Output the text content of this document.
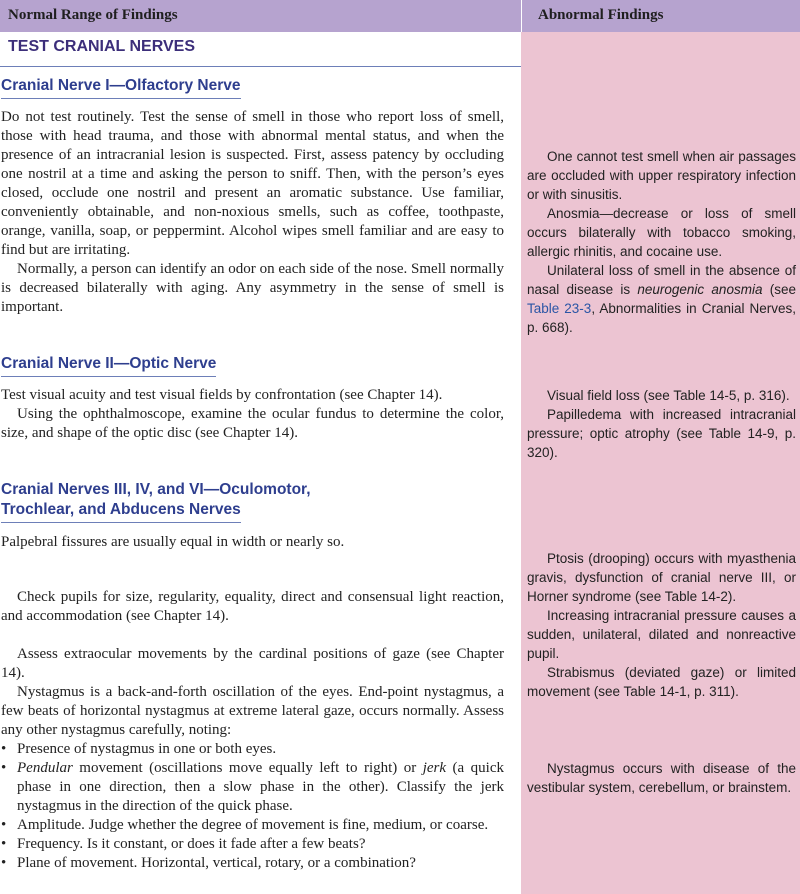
Normal Range of Findings	Abnormal Findings
TEST CRANIAL NERVES
Cranial Nerve I—Olfactory Nerve

Do not test routinely. Test the sense of smell in those who report loss of smell, those with head trauma, and those with abnormal mental status, and when the presence of an intracranial lesion is suspected. First, assess patency by occluding one nostril at a time and asking the person to sniff. Then, with the person’s eyes closed, occlude one nostril and present an aromatic substance. Use familiar, conveniently obtainable, and non-noxious smells, such as coffee, toothpaste, orange, vanilla, soap, or peppermint. Alcohol wipes smell familiar and are easy to find but are irritating.

Normally, a person can identify an odor on each side of the nose. Smell normally is decreased bilaterally with aging. Any asymmetry in the sense of smell is important.

One cannot test smell when air passages are occluded with upper respiratory infection or with sinusitis.

Anosmia—decrease or loss of smell occurs bilaterally with tobacco smoking, allergic rhinitis, and cocaine use.

Unilateral loss of smell in the absence of nasal disease is neurogenic anosmia (see Table 23-3, Abnormalities in Cranial Nerves, p. 668).

Cranial Nerve II—Optic Nerve

Test visual acuity and test visual fields by confrontation (see Chapter 14).

Using the ophthalmoscope, examine the ocular fundus to determine the color, size, and shape of the optic disc (see Chapter 14).

Visual field loss (see Table 14-5, p. 316).

Papilledema with increased intracranial pressure; optic atrophy (see Table 14-9, p. 320).

Cranial Nerves III, IV, and VI—Oculomotor,
Trochlear, and Abducens Nerves

Palpebral fissures are usually equal in width or nearly so.

Check pupils for size, regularity, equality, direct and consensual light reaction, and accommodation (see Chapter 14).

Assess extraocular movements by the cardinal positions of gaze (see Chapter 14).

Nystagmus is a back-and-forth oscillation of the eyes. End-point nystagmus, a few beats of horizontal nystagmus at extreme lateral gaze, occurs normally. Assess any other nystagmus carefully, noting:

• Presence of nystagmus in one or both eyes.
• Pendular movement (oscillations move equally left to right) or jerk (a quick phase in one direction, then a slow phase in the other). Classify the jerk nystagmus in the direction of the quick phase.
• Amplitude. Judge whether the degree of movement is fine, medium, or coarse.
• Frequency. Is it constant, or does it fade after a few beats?
• Plane of movement. Horizontal, vertical, rotary, or a combination?

Ptosis (drooping) occurs with myasthenia gravis, dysfunction of cranial nerve III, or Horner syndrome (see Table 14-2).

Increasing intracranial pressure causes a sudden, unilateral, dilated and nonreactive pupil.

Strabismus (deviated gaze) or limited movement (see Table 14-1, p. 311).

Nystagmus occurs with disease of the vestibular system, cerebellum, or brainstem.
